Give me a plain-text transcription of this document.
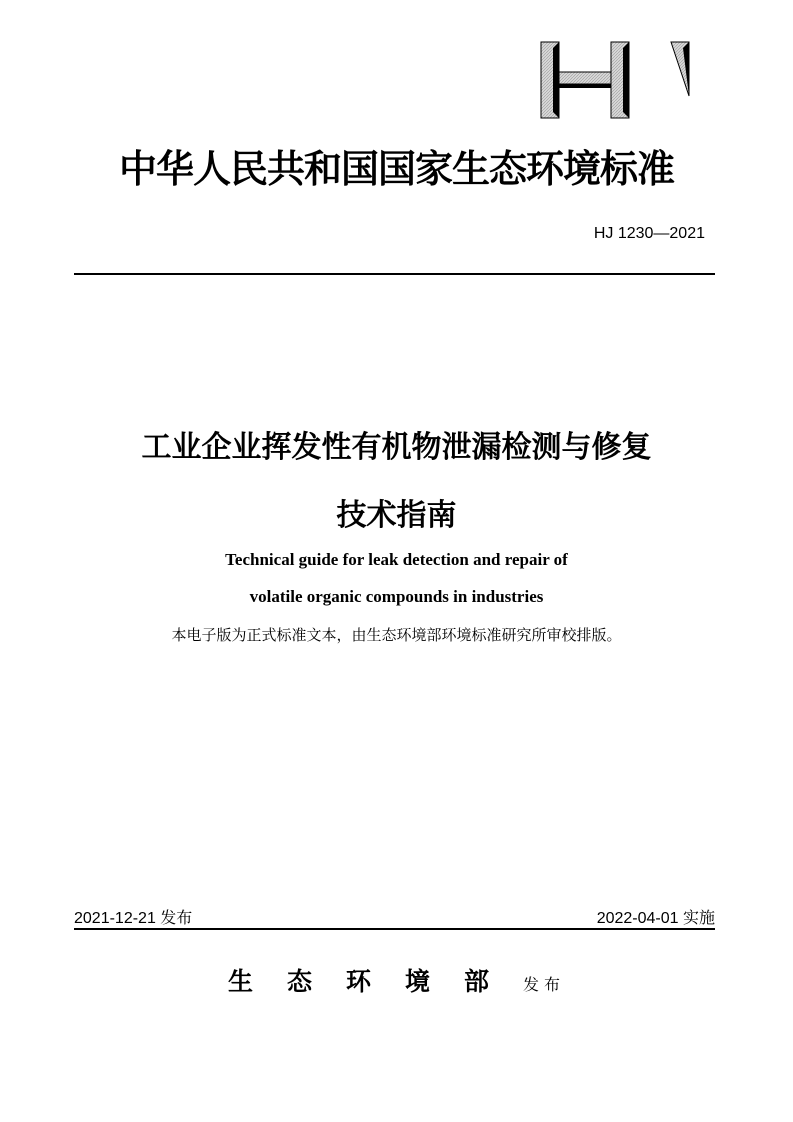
中华人民共和国国家生态环境标准
HJ 1230—2021
工业企业挥发性有机物泄漏检测与修复
技术指南
Technical guide for leak detection and repair of
volatile organic compounds in industries
本电子版为正式标准文本，由生态环境部环境标准研究所审校排版。
2021-12-21 发布	2022-04-01 实施
生态环境部发布
